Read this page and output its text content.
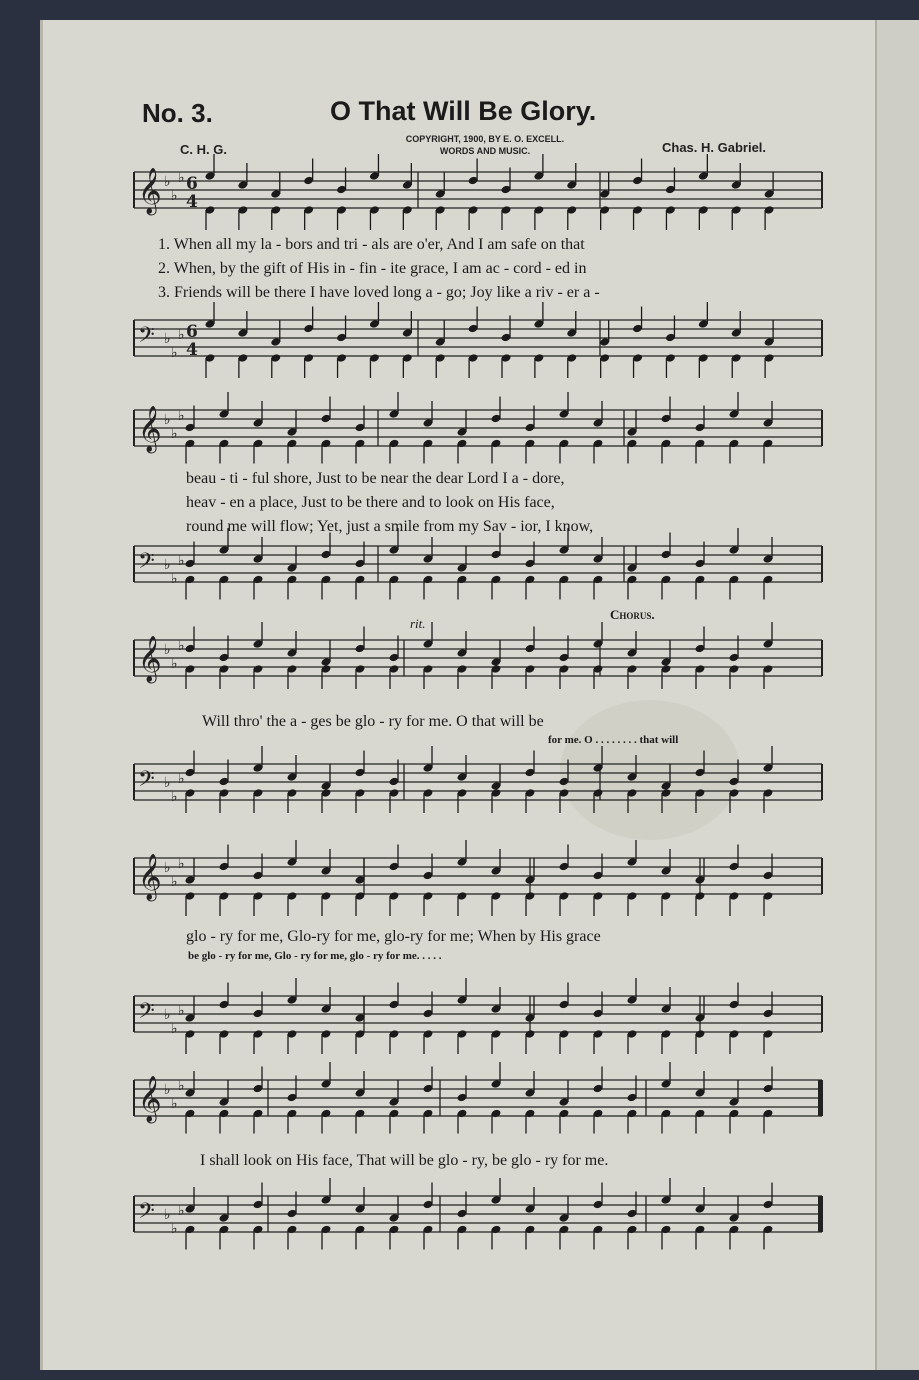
No. 3.	O That Will Be Glory.
COPYRIGHT, 1900, BY E. O. EXCELL.
WORDS AND MUSIC.
C. H. G.	Chas. H. Gabriel.
𝄞 ♭
♭
♭ 6
4
𝄢 ♭
♭
♭ 6
4
𝄞 ♭
♭
♭
𝄢 ♭
♭
♭
𝄞 ♭
♭
♭
𝄢 ♭
♭
♭
𝄞 ♭
♭
♭
𝄢 ♭
♭
♭
𝄞 ♭
♭
♭
𝄢 ♭
♭
♭
1. When all my la - bors and tri - als are o'er, And I am safe on that
2. When, by the gift of His in - fin - ite grace, I am ac - cord - ed in
3. Friends will be there I have loved long a - go; Joy like a riv - er a -
beau - ti - ful shore, Just to be near the dear Lord I a - dore,
heav - en a place, Just to be there and to look on His face,
round me will flow; Yet, just a smile from my Sav - ior, I know,
rit.
Chorus.
Will thro' the a - ges be glo - ry for me. O that will be
for me. O . . . . . . . . that will
glo - ry for me, Glo-ry for me, glo-ry for me; When by His grace
be glo - ry for me, Glo - ry for me, glo - ry for me. . . . .
I shall look on His face, That will be glo - ry, be glo - ry for me.
